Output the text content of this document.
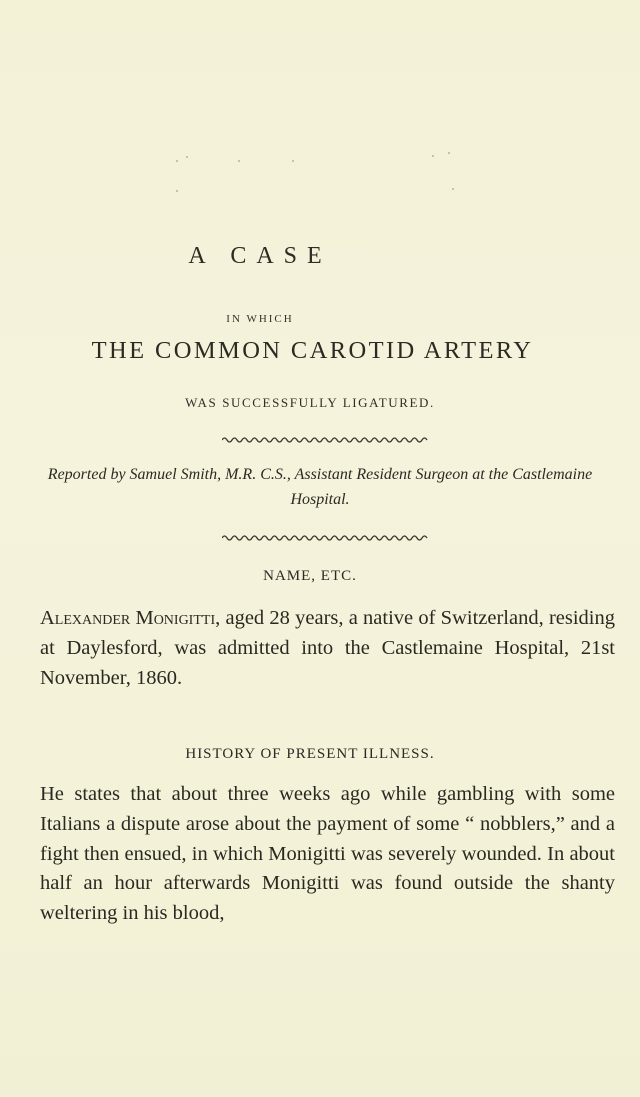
A CASE
IN WHICH
THE COMMON CAROTID ARTERY
WAS SUCCESSFULLY LIGATURED.
Reported by Samuel Smith, M.R. C.S., Assistant Resident Surgeon at the Castlemaine Hospital.
NAME, ETC.
Alexander Monigitti, aged 28 years, a native of Switzerland, residing at Daylesford, was admitted into the Castlemaine Hospital, 21st November, 1860.
HISTORY OF PRESENT ILLNESS.
He states that about three weeks ago while gambling with some Italians a dispute arose about the payment of some “ nobblers,” and a fight then ensued, in which Monigitti was severely wounded. In about half an hour afterwards Monigitti was found outside the shanty weltering in his blood,
